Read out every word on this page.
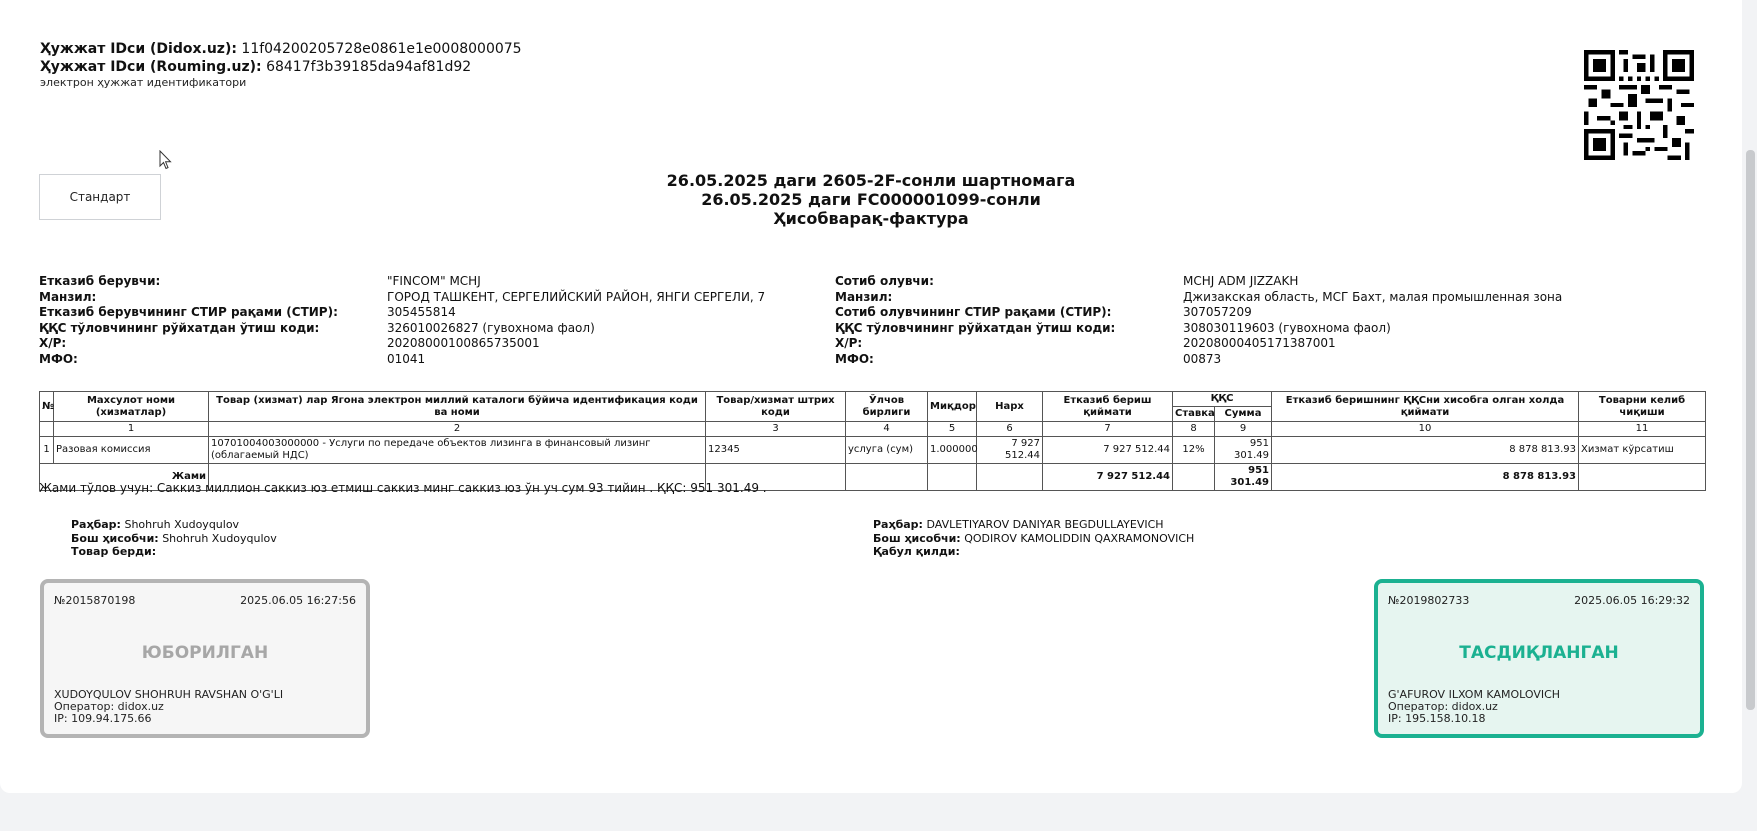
Ҳужжат IDси (Didox.uz): 11f04200205728e0861e1e0008000075
Ҳужжат IDси (Rouming.uz): 68417f3b39185da94af81d92
электрон ҳужжат идентификатори
Стандарт
26.05.2025 даги 2605-2F-сонли шартномага
26.05.2025 даги FC000001099-сонли
Ҳисобварақ-фактура
Етказиб берувчи:	"FINCOM" MCHJ
Манзил:	ГОРОД ТАШКЕНТ, СЕРГЕЛИЙСКИЙ РАЙОН, ЯНГИ СЕРГЕЛИ, 7
Етказиб берувчининг СТИР рақами (СТИР):	305455814
ҚҚС тўловчининг рўйхатдан ўтиш коди:	326010026827 (гувохнома фаол)
Х/Р:	20208000100865735001
МФО:	01041
Сотиб олувчи:	MCHJ ADM JIZZAKH
Манзил:	Джизакская область, МСГ Бахт, малая промышленная зона
Сотиб олувчининг СТИР рақами (СТИР):	307057209
ҚҚС тўловчининг рўйхатдан ўтиш коди:	308030119603 (гувохнома фаол)
Х/Р:	20208000405171387001
МФО:	00873
№	Махсулот номи (хизматлар)	Товар (хизмат) лар Ягона электрон миллий каталоги бўйича идентификация коди ва номи	Товар/хизмат штрих коди	Ўлчов бирлиги	Миқдор	Нарх	Етказиб бериш қиймати	ҚҚС		Етказиб беришнинг ҚҚСни хисобга олган холда қиймати	Товарни келиб чиқиши
								Ставка	Сумма		
	1	2	3	4	5	6	7	8	9	10	11
1	Разовая комиссия	10701004003000000 - Услуги по передаче объектов лизинга в финансовый лизинг (облагаемый НДС)	12345	услуга (сум)	1.000000	7 927 512.44	7 927 512.44	12%	951 301.49	8 878 813.93	Хизмат кўрсатиш
Жами							7 927 512.44		951 301.49	8 878 813.93	
Жами тўлов учун: Саккиз миллион саккиз юз етмиш саккиз минг саккиз юз ўн уч сум 93 тийин . ҚҚС: 951 301.49 .
Раҳбар: Shohruh Xudoyqulov
Бош ҳисобчи: Shohruh Xudoyqulov
Товар берди:
Раҳбар: DAVLETIYAROV DANIYAR BEGDULLAYEVICH
Бош ҳисобчи: QODIROV KAMOLIDDIN QAXRAMONOVICH
Қабул қилди:
№2015870198	2025.06.05 16:27:56
ЮБОРИЛГАН
XUDOYQULOV SHOHRUH RAVSHAN O'G'LI
Оператор: didox.uz
IP: 109.94.175.66
№2019802733	2025.06.05 16:29:32
ТАСДИҚЛАНГАН
G'AFUROV ILXOM KAMOLOVICH
Оператор: didox.uz
IP: 195.158.10.18
